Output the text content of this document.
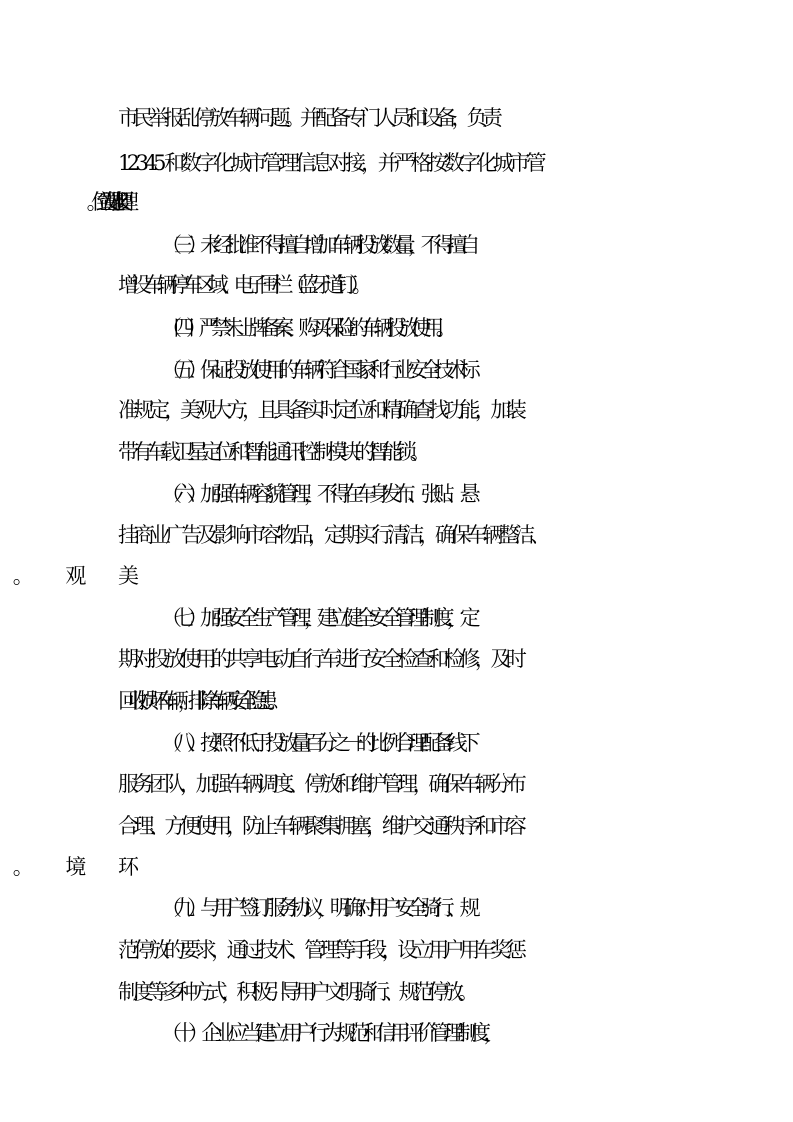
市民举报乱停放车辆问题。并配备专门人员和设备，负责
12345 和数字化城市管理信息对接，并严格按数字化城市管
（三）未经批准不得擅自增加车辆投放数量，不得擅自
增设车辆停车区域、电子围栏（蓝牙道钉）。
（四）严禁未上牌备案、购买保险的车辆投放使用。
（五）保证投放使用的车辆符合国家和行业安全技术标
准规定，美观大方，且具备实时定位和精确查找功能，加装
带有车载卫星定位和智能通讯控制模块的智能锁。
（六）加强车辆容貌管理，不得在车身发布、张贴、悬
挂商业广告及影响市容物品，定期实行清洁，确保车辆整洁、
（七）加强安全生产管理，建立健全安全管理制度，定
期对投放使用的共享电动自行车进行安全检查和检修，及时
回收损坏车辆，排除车辆安全隐患。
（八）按照不低于投放量百分之一的比例合理配备线下
服务团队，加强车辆调度、停放和维护管理，确保车辆分布
合理、方便使用，防止车辆聚集拥塞，维护交通秩序和市容
（九）与用户签订服务协议，明确对用户安全骑行、规
范停放的要求，通过技术、管理等手段，设立用户用车奖惩
制度等多种方式，积极引导用户文明骑行、规范停放。
（十）企业应当建立用户行为规范和信用评价管理制度，
